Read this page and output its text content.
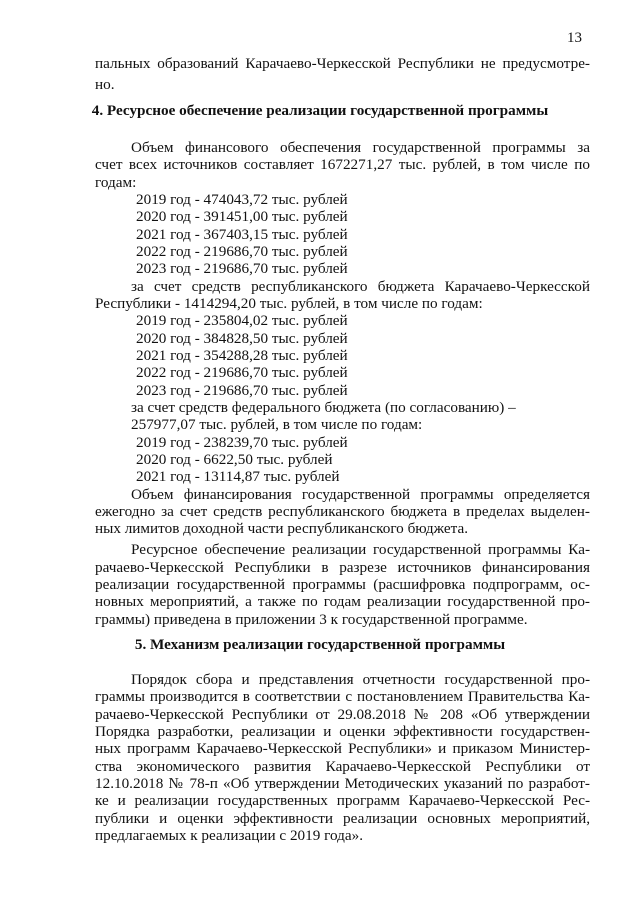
13
пальных образований Карачаево-Черкесской Республики не предусмотре-
но.
4. Ресурсное обеспечение реализации государственной программы
Объем финансового обеспечения государственной программы за
счет всех источников составляет 1672271,27 тыс. рублей, в том числе по
годам:
2019 год - 474043,72 тыс. рублей
2020 год - 391451,00 тыс. рублей
2021 год - 367403,15 тыс. рублей
2022 год - 219686,70 тыс. рублей
2023 год - 219686,70 тыс. рублей
за счет средств республиканского бюджета Карачаево-Черкесской
Республики - 1414294,20 тыс. рублей, в том числе по годам:
2019 год - 235804,02 тыс. рублей
2020 год - 384828,50 тыс. рублей
2021 год - 354288,28 тыс. рублей
2022 год - 219686,70 тыс. рублей
2023 год - 219686,70 тыс. рублей
за счет средств федерального бюджета (по согласованию) –
257977,07 тыс. рублей, в том числе по годам:
2019 год - 238239,70 тыс. рублей
2020 год - 6622,50 тыс. рублей
2021 год - 13114,87 тыс. рублей
Объем финансирования государственной программы определяется
ежегодно за счет средств республиканского бюджета в пределах выделен-
ных лимитов доходной части республиканского бюджета.
Ресурсное обеспечение реализации государственной программы Ка-
рачаево-Черкесской Республики в разрезе источников финансирования
реализации государственной программы (расшифровка подпрограмм, ос-
новных мероприятий, а также по годам реализации государственной про-
граммы) приведена в приложении 3 к государственной программе.
5. Механизм реализации государственной программы
Порядок сбора и представления отчетности государственной про-
граммы производится в соответствии с постановлением Правительства Ка-
рачаево-Черкесской Республики от 29.08.2018 № 208 «Об утверждении
Порядка разработки, реализации и оценки эффективности государствен-
ных программ Карачаево-Черкесской Республики» и приказом Министер-
ства экономического развития Карачаево-Черкесской Республики от
12.10.2018 № 78-п «Об утверждении Методических указаний по разработ-
ке и реализации государственных программ Карачаево-Черкесской Рес-
публики и оценки эффективности реализации основных мероприятий,
предлагаемых к реализации с 2019 года».
